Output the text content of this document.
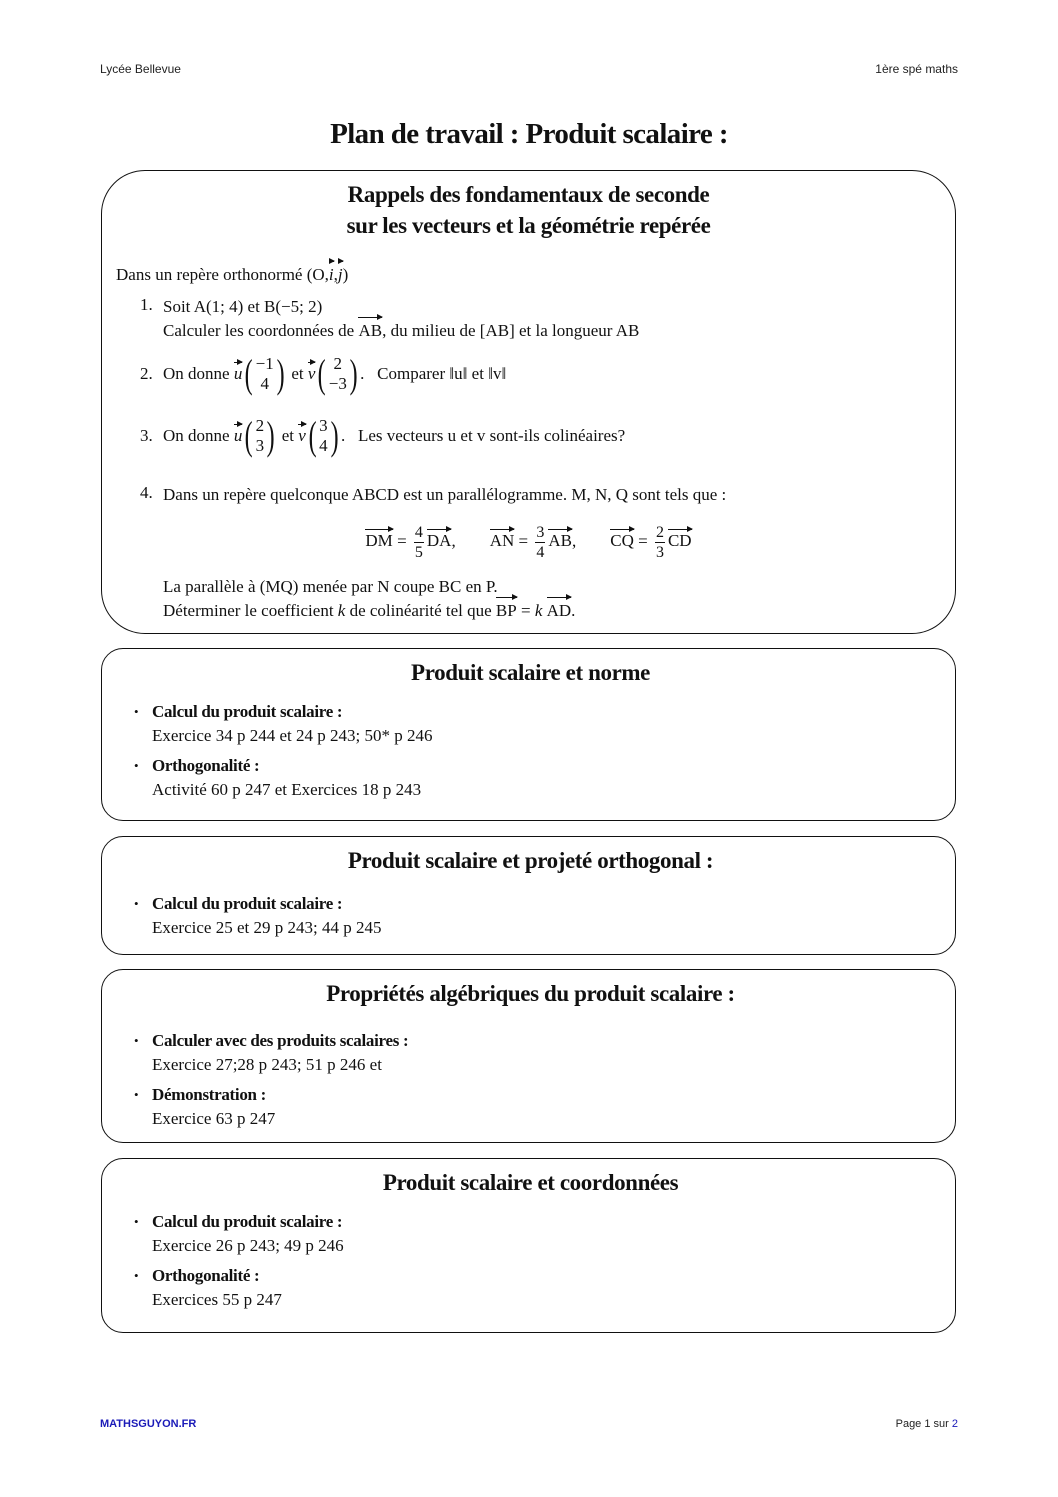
Lycée Bellevue	1ère spé maths
Plan de travail : Produit scalaire :
Rappels des fondamentaux de seconde
sur les vecteurs et la géométrie repérée
Dans un repère orthonormé (O,i,j)
1. Soit A(1; 4) et B(−5; 2)
Calculer les coordonnées de AB, du milieu de [AB] et la longueur AB
2. On donne
u ( −1
4 )
et
v ( 2
−3 ) .   Comparer ‖u‖ et ‖v‖
3. On donne
u ( 2
3 )
et
v ( 3
4 ) .   Les vecteurs u et v sont-ils colinéaires?
4. Dans un repère quelconque ABCD est un parallélogramme. M, N, Q sont tels que :
DM = $\frac{4}{5}$ DA, AN = $\frac{3}{4}$ AB, CQ = $\frac{2}{3}$ CD
La parallèle à (MQ) menée par N coupe BC en P.
Déterminer le coefficient k de colinéarité tel que BP = k AD.
Produit scalaire et norme
• Calcul du produit scalaire :
Exercice 34 p 244 et 24 p 243; 50* p 246
• Orthogonalité :
Activité 60 p 247 et Exercices 18 p 243
Produit scalaire et projeté orthogonal :
• Calcul du produit scalaire :
Exercice 25 et 29 p 243; 44 p 245
Propriétés algébriques du produit scalaire :
• Calculer avec des produits scalaires :
Exercice 27;28 p 243; 51 p 246 et
• Démonstration :
Exercice 63 p 247
Produit scalaire et coordonnées
• Calcul du produit scalaire :
Exercice 26 p 243; 49 p 246
• Orthogonalité :
Exercices 55 p 247
MATHSGUYON.FR	Page 1 sur 2
